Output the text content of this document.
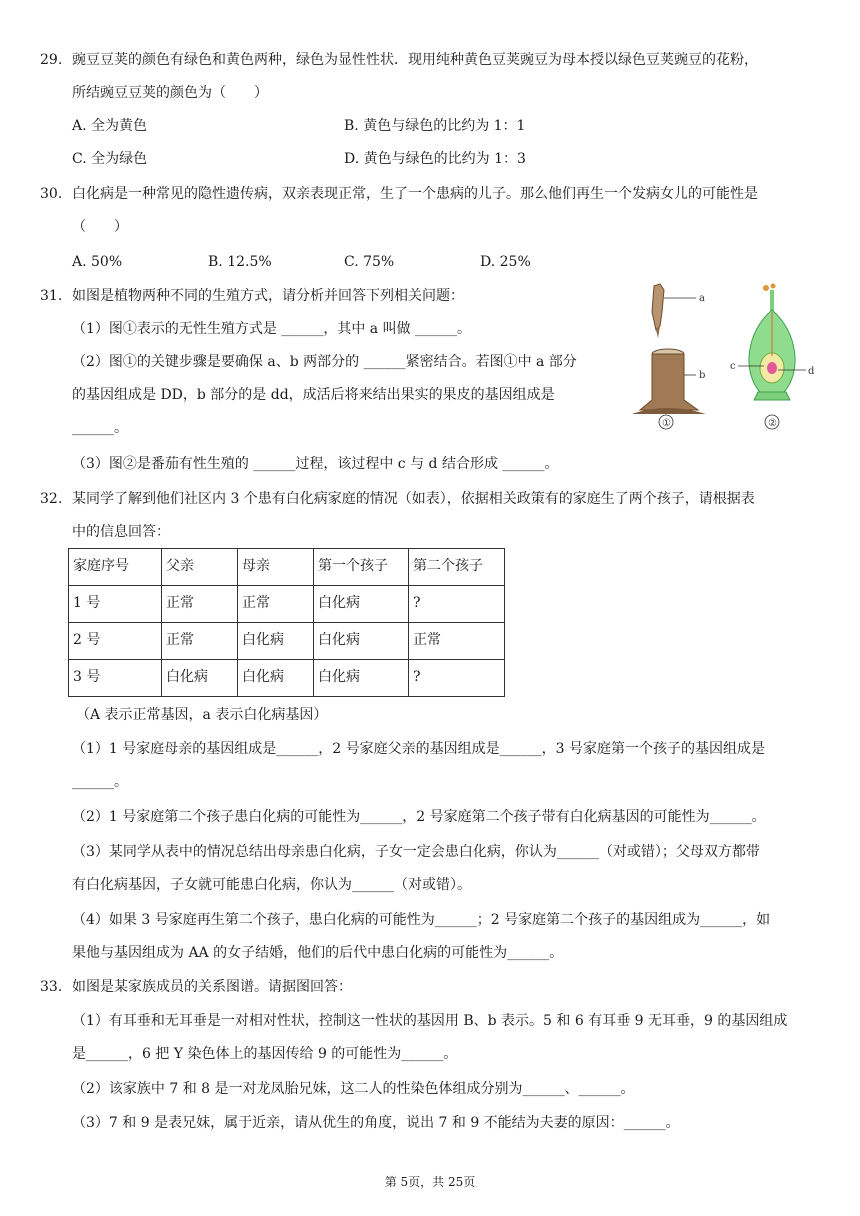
29. 豌豆豆荚的颜色有绿色和黄色两种，绿色为显性性状．现用纯种黄色豆荚豌豆为母本授以绿色豆荚豌豆的花粉，
所结豌豆豆荚的颜色为（　　）
A. 全为黄色	B. 黄色与绿色的比约为 1：1
C. 全为绿色	D. 黄色与绿色的比约为 1：3
30. 白化病是一种常见的隐性遗传病，双亲表现正常，生了一个患病的儿子。那么他们再生一个发病女儿的可能性是
（　　）
A. 50%	B. 12.5%	C. 75%	D. 25%
31. 如图是植物两种不同的生殖方式，请分析并回答下列相关问题：
（1）图①表示的无性生殖方式是 ______，其中 a 叫做 ______。
（2）图①的关键步骤是要确保 a、b 两部分的 ______紧密结合。若图①中 a 部分
的基因组成是 DD，b 部分的是 dd，成活后将来结出果实的果皮的基因组成是
______。
（3）图②是番茄有性生殖的 ______过程，该过程中 c 与 d 结合形成 ______。
a
b
①
c	d
②
32. 某同学了解到他们社区内 3 个患有白化病家庭的情况（如表），依据相关政策有的家庭生了两个孩子，请根据表
中的信息回答：
家庭序号	父亲	母亲	第一个孩子	第二个孩子
1 号	正常	正常	白化病	?
2 号	正常	白化病	白化病	正常
3 号	白化病	白化病	白化病	?
（A 表示正常基因，a 表示白化病基因）
（1）1 号家庭母亲的基因组成是______，2 号家庭父亲的基因组成是______，3 号家庭第一个孩子的基因组成是
______。
（2）1 号家庭第二个孩子患白化病的可能性为______，2 号家庭第二个孩子带有白化病基因的可能性为______。
（3）某同学从表中的情况总结出母亲患白化病，子女一定会患白化病，你认为______（对或错）；父母双方都带
有白化病基因，子女就可能患白化病，你认为______（对或错）。
（4）如果 3 号家庭再生第二个孩子，患白化病的可能性为______；2 号家庭第二个孩子的基因组成为______，如
果他与基因组成为 AA 的女子结婚，他们的后代中患白化病的可能性为______。
33. 如图是某家族成员的关系图谱。请据图回答：
（1）有耳垂和无耳垂是一对相对性状，控制这一性状的基因用 B、b 表示。5 和 6 有耳垂 9 无耳垂，9 的基因组成
是______，6 把 Y 染色体上的基因传给 9 的可能性为______。
（2）该家族中 7 和 8 是一对龙凤胎兄妹，这二人的性染色体组成分别为______、______。
（3）7 和 9 是表兄妹，属于近亲，请从优生的角度，说出 7 和 9 不能结为夫妻的原因：______。
第 5页，共 25页
